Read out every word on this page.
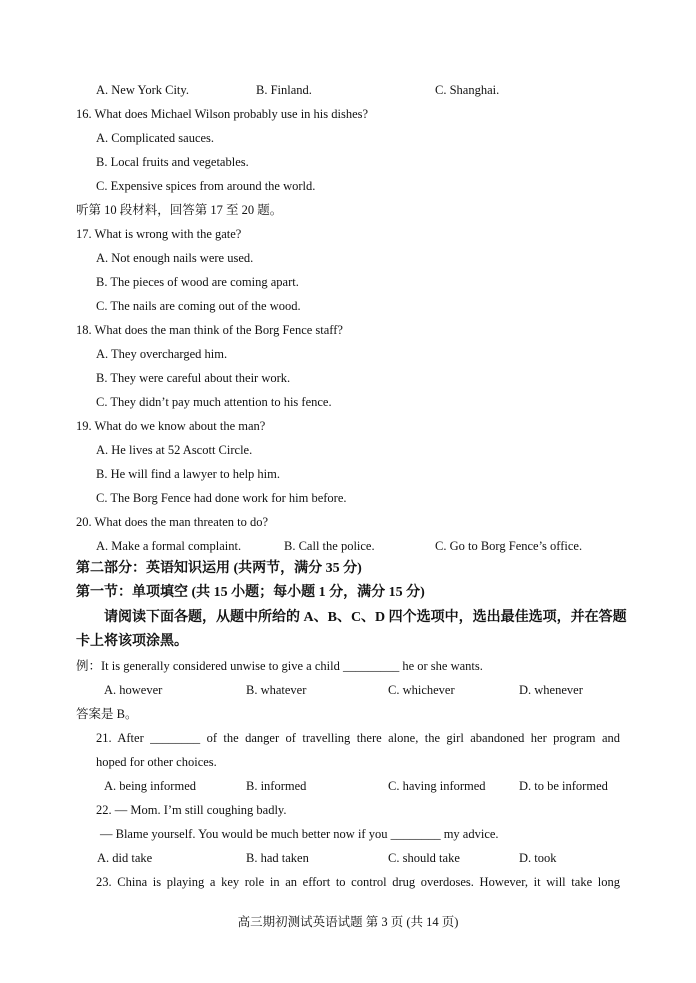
A. New York City.	B. Finland.	C. Shanghai.
16. What does Michael Wilson probably use in his dishes?
A. Complicated sauces.
B. Local fruits and vegetables.
C. Expensive spices from around the world.
听第 10 段材料，回答第 17 至 20 题。
17. What is wrong with the gate?
A. Not enough nails were used.
B. The pieces of wood are coming apart.
C. The nails are coming out of the wood.
18. What does the man think of the Borg Fence staff?
A. They overcharged him.
B. They were careful about their work.
C. They didn’t pay much attention to his fence.
19. What do we know about the man?
A. He lives at 52 Ascott Circle.
B. He will find a lawyer to help him.
C. The Borg Fence had done work for him before.
20. What does the man threaten to do?
A. Make a formal complaint.	B. Call the police.	C. Go to Borg Fence’s office.
第二部分：英语知识运用 (共两节，满分 35 分)
第一节：单项填空 (共 15 小题；每小题 1 分，满分 15 分)
请阅读下面各题，从题中所给的 A、B、C、D 四个选项中，选出最佳选项，并在答题
卡上将该项涂黑。
例：It is generally considered unwise to give a child _________ he or she wants.
A. however	B. whatever	C. whichever	D. whenever
答案是 B。
21. After ________ of the danger of travelling there alone, the girl abandoned her program and
hoped for other choices.
A. being informed	B. informed	C. having informed	D. to be informed
22. — Mom. I’m still coughing badly.
— Blame yourself. You would be much better now if you ________ my advice.
A. did take	B. had taken	C. should take	D. took
23. China is playing a key role in an effort to control drug overdoses. However, it will take long
高三期初测试英语试题 第 3 页 (共 14 页)
